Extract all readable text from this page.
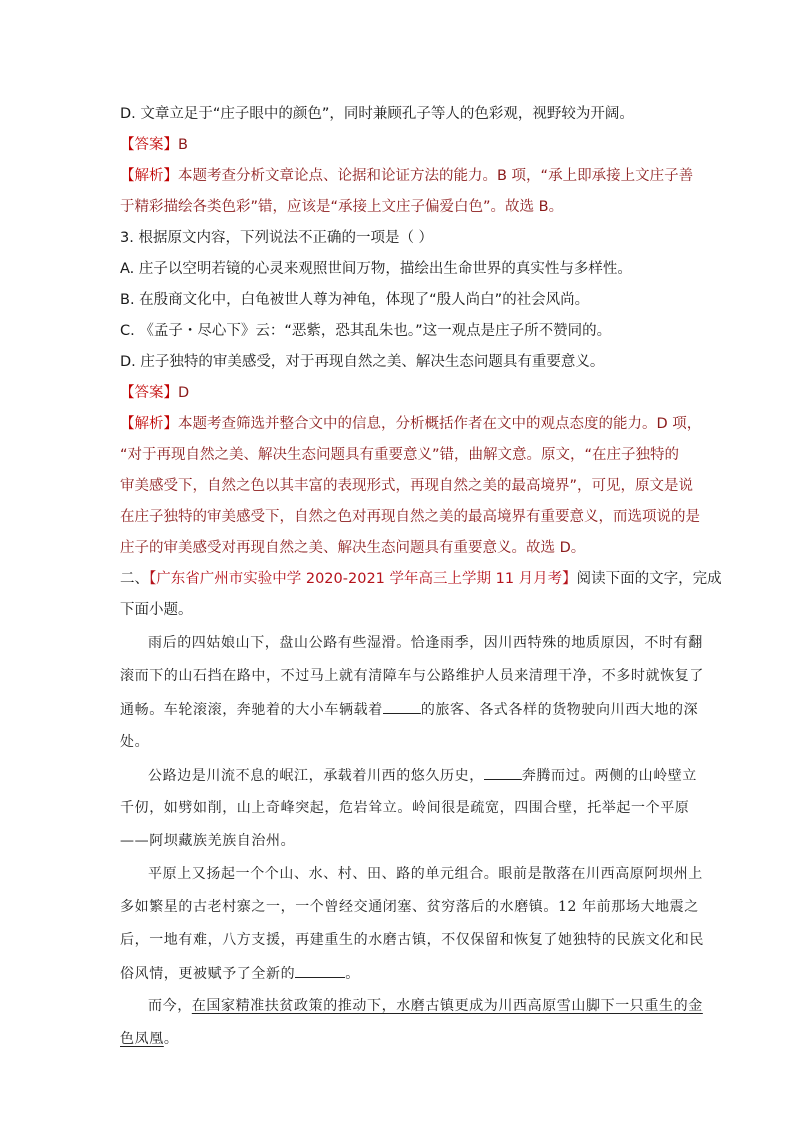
D. 文章立足于“庄子眼中的颜色”，同时兼顾孔子等人的色彩观，视野较为开阔。
【答案】B
【解析】本题考查分析文章论点、论据和论证方法的能力。B 项，“承上即承接上文庄子善
于精彩描绘各类色彩”错，应该是“承接上文庄子偏爱白色”。故选 B。
3. 根据原文内容，下列说法不正确的一项是（ ）
A. 庄子以空明若镜的心灵来观照世间万物，描绘出生命世界的真实性与多样性。
B. 在殷商文化中，白龟被世人尊为神龟，体现了“殷人尚白”的社会风尚。
C. 《孟子・尽心下》云：“恶紫，恐其乱朱也。”这一观点是庄子所不赞同的。
D. 庄子独特的审美感受，对于再现自然之美、解决生态问题具有重要意义。
【答案】D
【解析】本题考查筛选并整合文中的信息，分析概括作者在文中的观点态度的能力。D 项，
“对于再现自然之美、解决生态问题具有重要意义”错，曲解文意。原文，“在庄子独特的
审美感受下，自然之色以其丰富的表现形式，再现自然之美的最高境界”，可见，原文是说
在庄子独特的审美感受下，自然之色对再现自然之美的最高境界有重要意义，而选项说的是
庄子的审美感受对再现自然之美、解决生态问题具有重要意义。故选 D。
二、【广东省广州市实验中学 2020-2021 学年高三上学期 11 月月考】阅读下面的文字，完成
下面小题。
雨后的四姑娘山下，盘山公路有些湿滑。恰逢雨季，因川西特殊的地质原因，不时有翻
滚而下的山石挡在路中，不过马上就有清障车与公路维护人员来清理干净，不多时就恢复了
通畅。车轮滚滚，奔驰着的大小车辆载着	的旅客、各式各样的货物驶向川西大地的深
处。
公路边是川流不息的岷江，承载着川西的悠久历史，	奔腾而过。两侧的山岭壁立
千仞，如劈如削，山上奇峰突起，危岩耸立。岭间很是疏宽，四围合壁，托举起一个平原
——阿坝藏族羌族自治州。
平原上又扬起一个个山、水、村、田、路的单元组合。眼前是散落在川西高原阿坝州上
多如繁星的古老村寨之一，一个曾经交通闭塞、贫穷落后的水磨镇。12 年前那场大地震之
后，一地有难，八方支援，再建重生的水磨古镇，不仅保留和恢复了她独特的民族文化和民
俗风情，更被赋予了全新的	。
而今，在国家精准扶贫政策的推动下，水磨古镇更成为川西高原雪山脚下一只重生的金
色凤凰。
